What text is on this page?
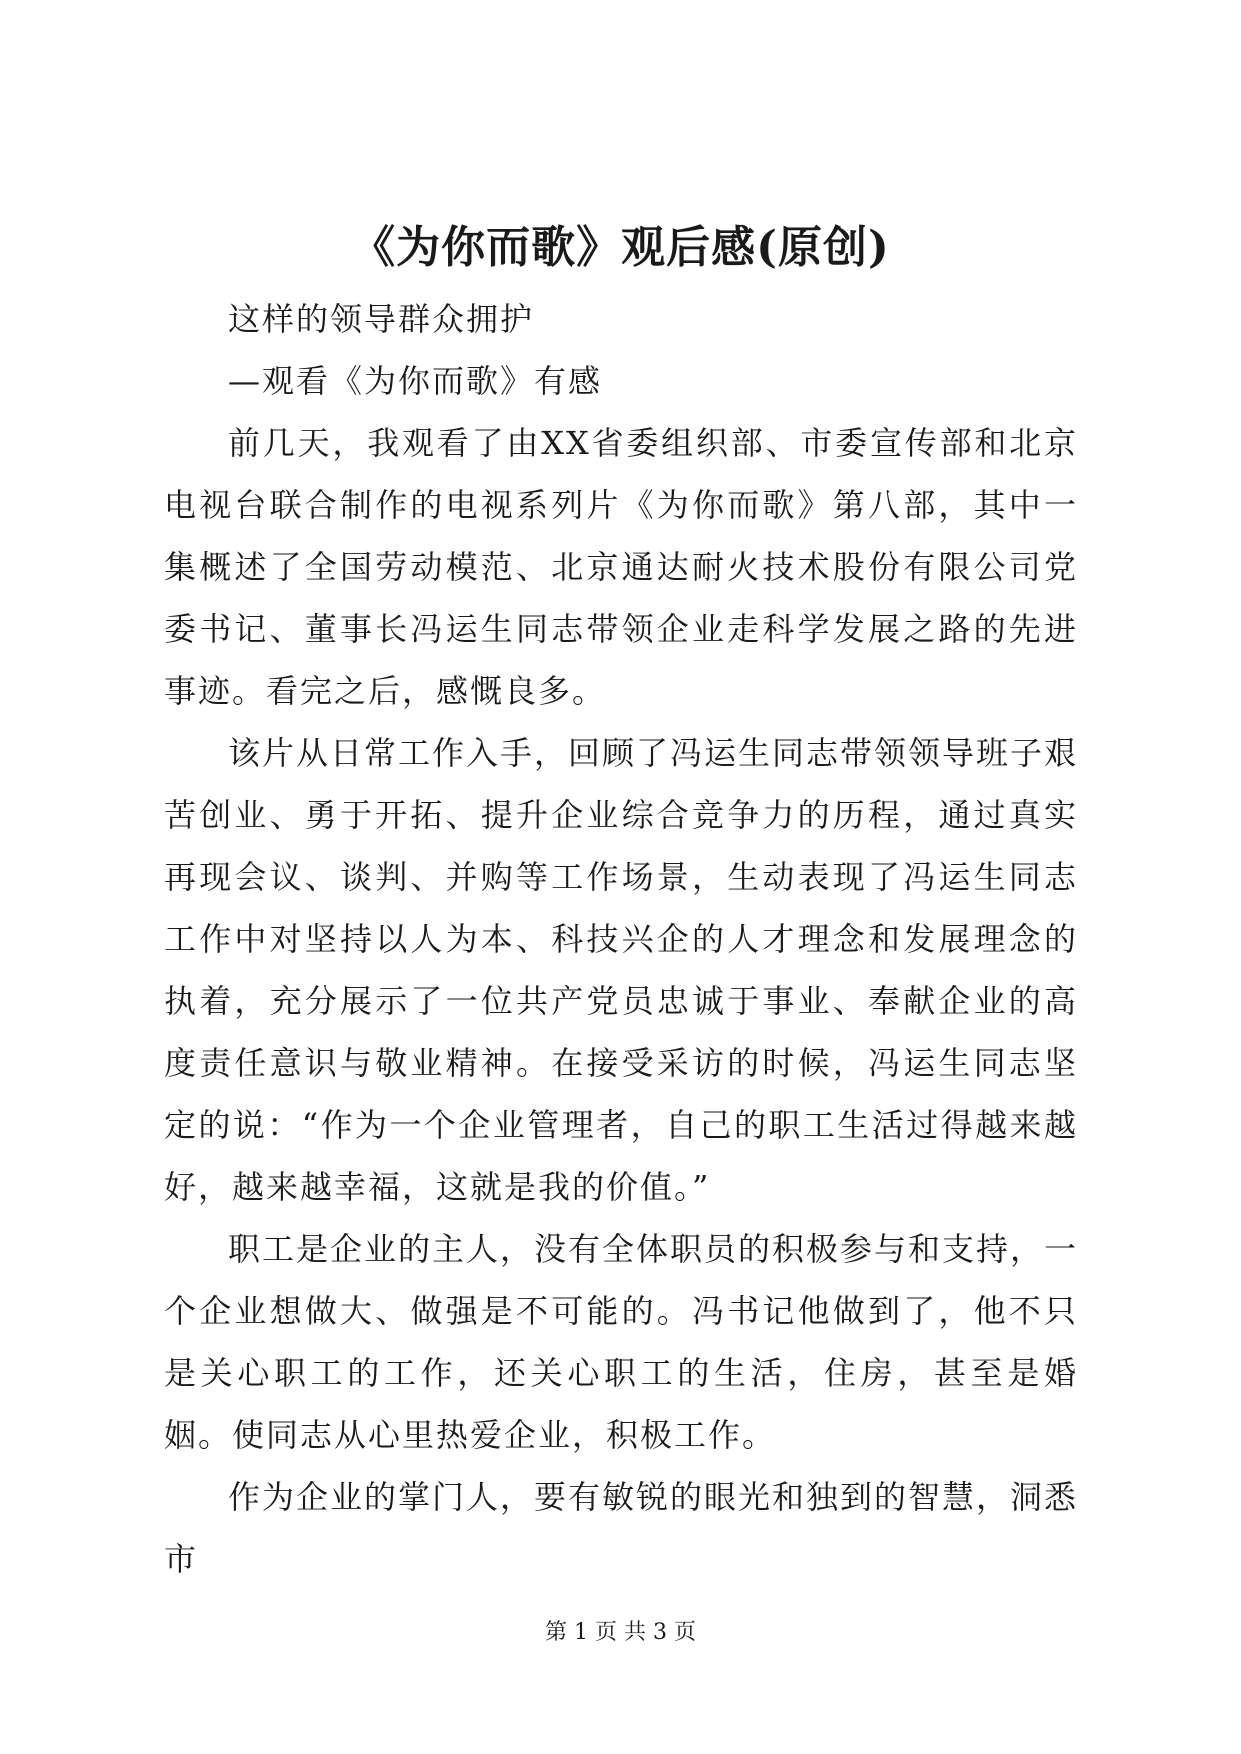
《为你而歌》观后感(原创)

这样的领导群众拥护

—观看《为你而歌》有感

前几天，我观看了由XX省委组织部、市委宣传部和北京电视台联合制作的电视系列片《为你而歌》第八部，其中一集概述了全国劳动模范、北京通达耐火技术股份有限公司党委书记、董事长冯运生同志带领企业走科学发展之路的先进事迹。看完之后，感慨良多。

该片从日常工作入手，回顾了冯运生同志带领领导班子艰苦创业、勇于开拓、提升企业综合竞争力的历程，通过真实再现会议、谈判、并购等工作场景，生动表现了冯运生同志工作中对坚持以人为本、科技兴企的人才理念和发展理念的执着，充分展示了一位共产党员忠诚于事业、奉献企业的高度责任意识与敬业精神。在接受采访的时候，冯运生同志坚定的说：“作为一个企业管理者，自己的职工生活过得越来越好，越来越幸福，这就是我的价值。”

职工是企业的主人，没有全体职员的积极参与和支持，一个企业想做大、做强是不可能的。冯书记他做到了，他不只是关心职工的工作，还关心职工的生活，住房，甚至是婚姻。使同志从心里热爱企业，积极工作。

作为企业的掌门人，要有敏锐的眼光和独到的智慧，洞悉市

第 1 页 共 3 页
